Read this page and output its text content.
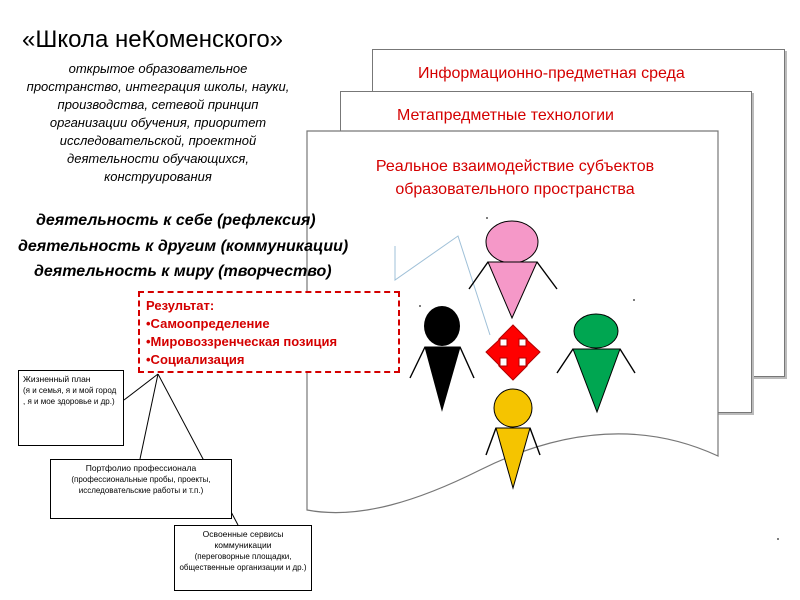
Информационно-предметная среда
Метапредметные технологии
Реальное взаимодействие субъектов образовательного пространства
«Школа неКоменского»
открытое образовательное пространство, интеграция школы, науки, производства, сетевой принцип организации обучения, приоритет исследовательской, проектной деятельности обучающихся, конструирования
деятельность к себе (рефлексия)
деятельность к другим (коммуникации)
деятельность к миру (творчество)
Результат:
•Самоопределение
•Мировоззренческая позиция
•Социализация
Жизненный план
(я и семья, я и мой город , я и мое здоровье и др.)
Портфолио профессионала
(профессиональные пробы, проекты, исследовательские работы и т.п.)
Освоенные сервисы коммуникации
(переговорные площадки, общественные организации и др.)
